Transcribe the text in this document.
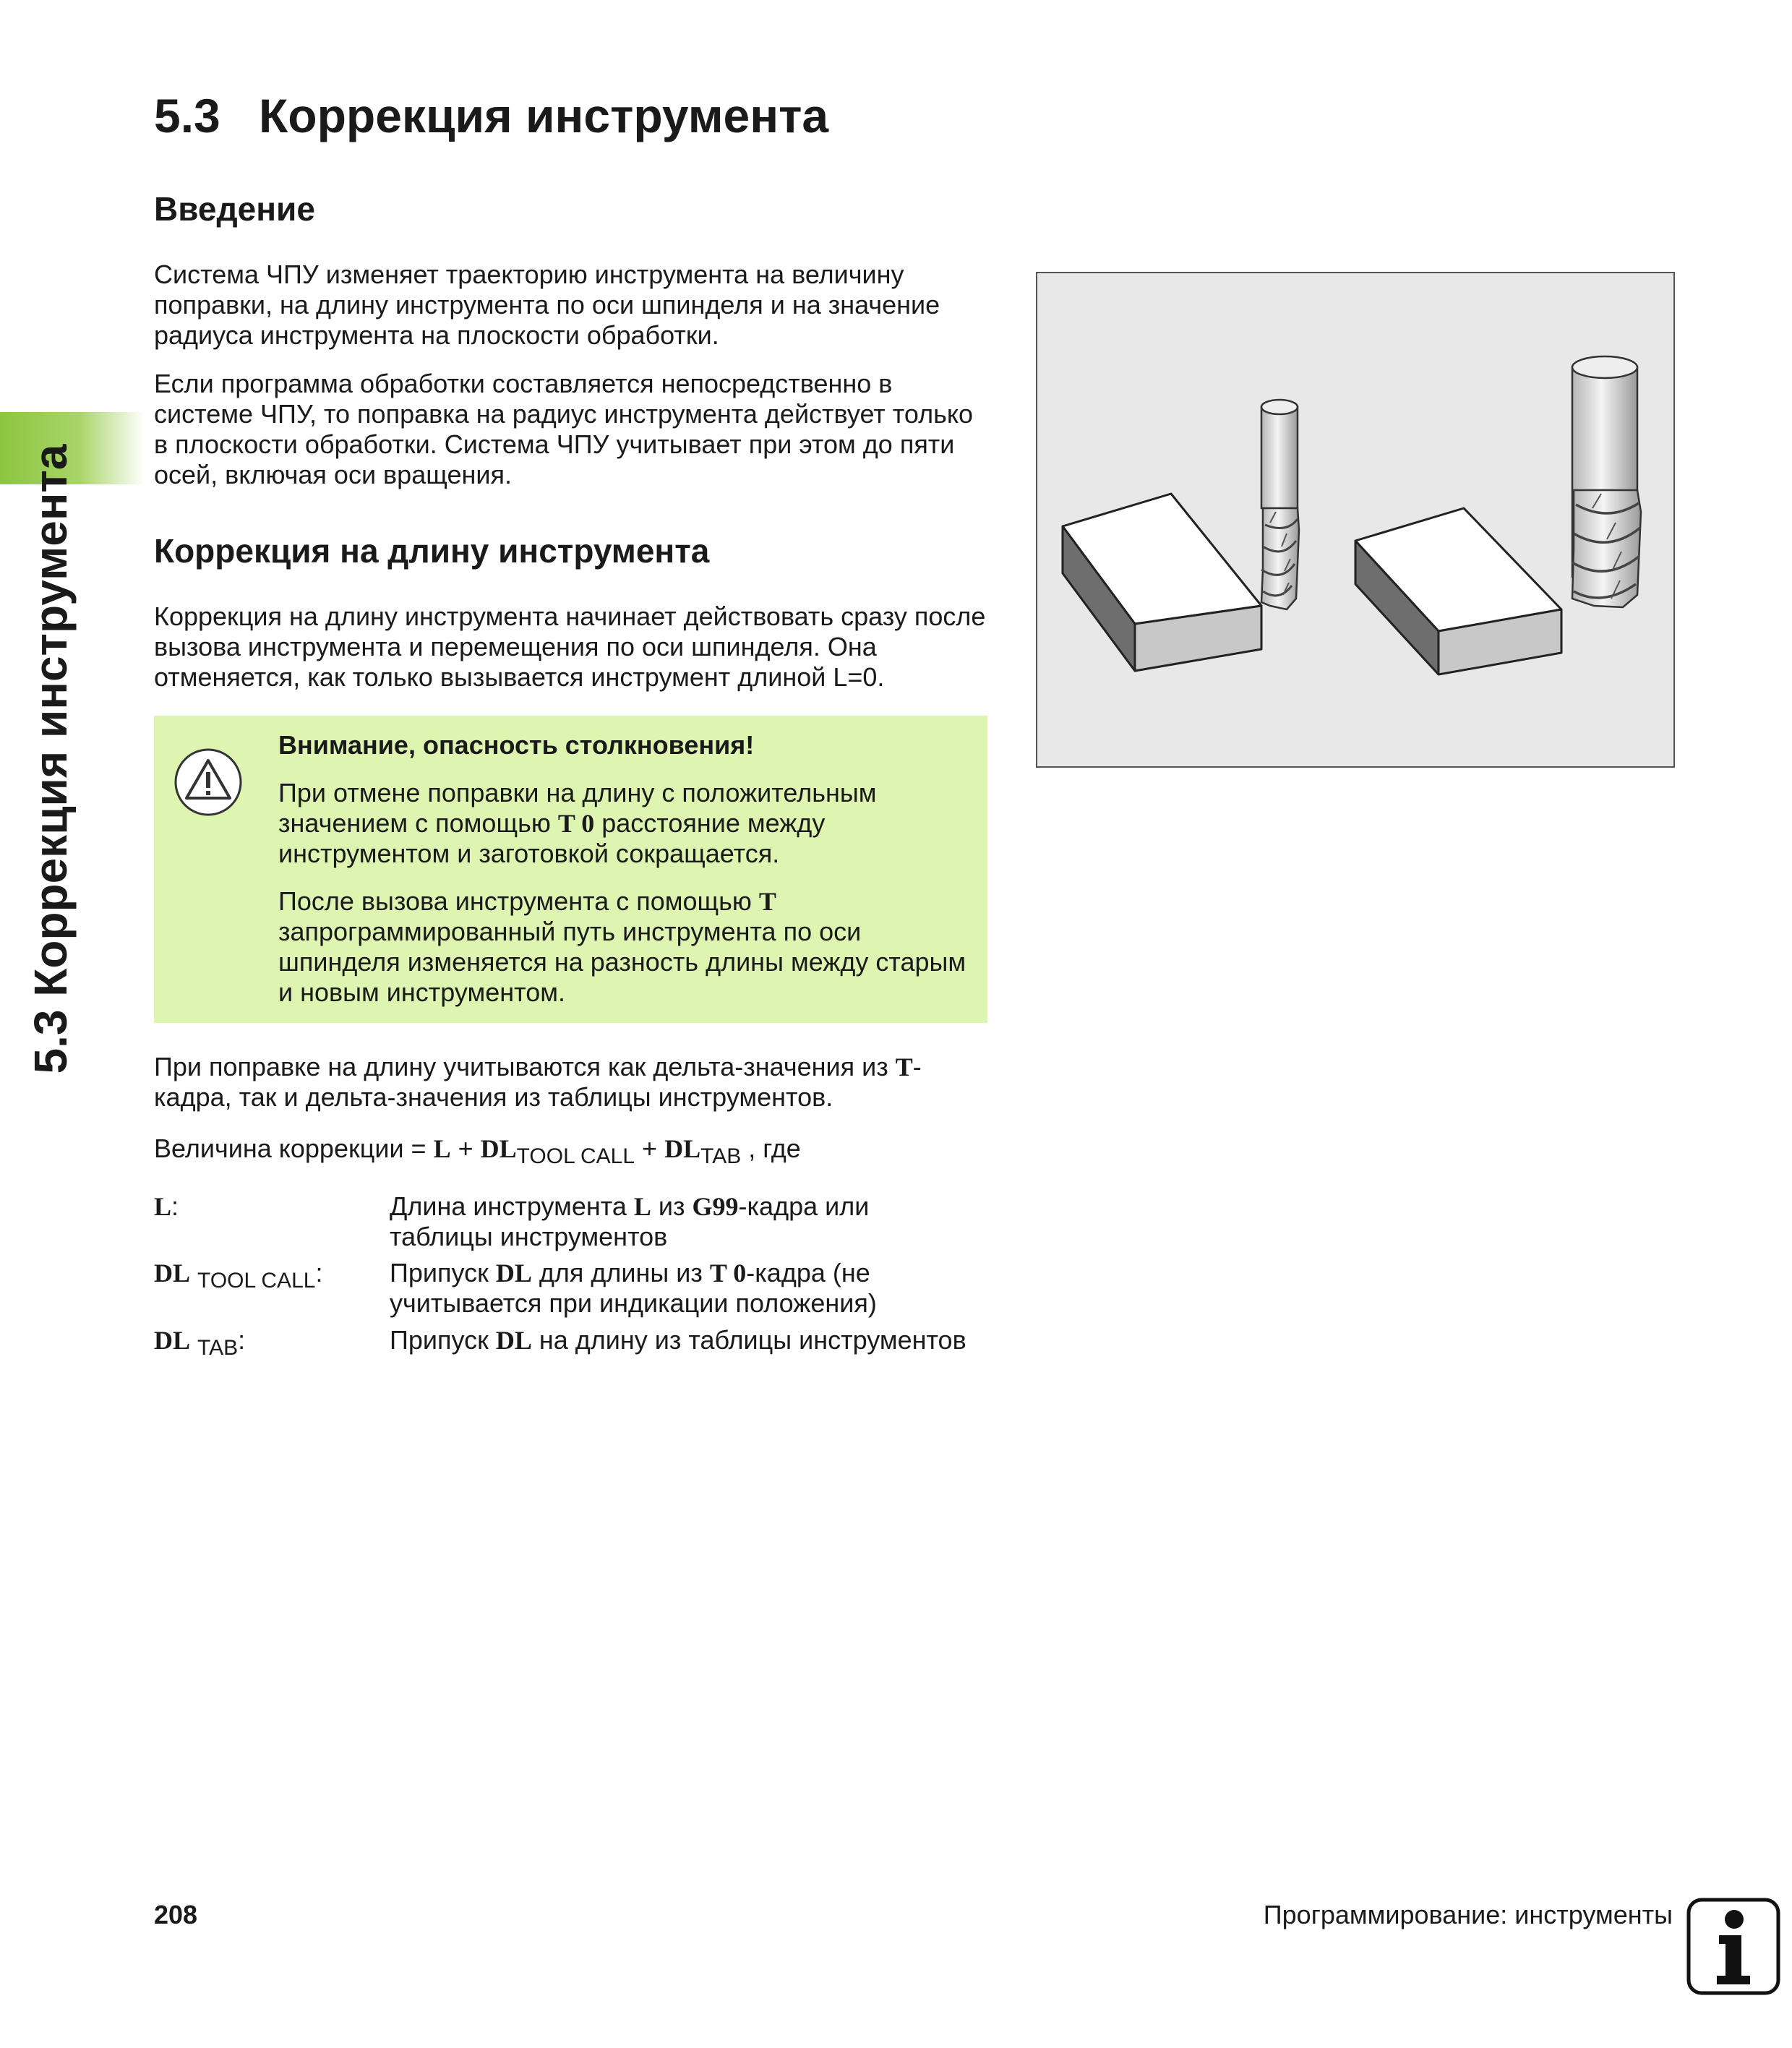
5.3 Коррекция инструмента
5.3 Коррекция инструмента
Введение

Система ЧПУ изменяет траекторию инструмента на величину поправки, на длину инструмента по оси шпинделя и на значение радиуса инструмента на плоскости обработки.

Если программа обработки составляется непосредственно в системе ЧПУ, то поправка на радиус инструмента действует только в плоскости обработки. Система ЧПУ учитывает при этом до пяти осей, включая оси вращения.

Коррекция на длину инструмента

Коррекция на длину инструмента начинает действовать сразу после вызова инструмента и перемещения по оси шпинделя. Она отменяется, как только вызывается инструмент длиной L=0.

Внимание, опасность столкновения!

При отмене поправки на длину с положительным значением с помощью T 0 расстояние между инструментом и заготовкой сокращается.

После вызова инструмента с помощью T запрограммированный путь инструмента по оси шпинделя изменяется на разность длины между старым и новым инструментом.

При поправке на длину учитываются как дельта-значения из T-кадра, так и дельта-значения из таблицы инструментов.

Величина коррекции = $L + DL_{TOOL CALL} + DL_{TAB}$ , где

L:	Длина инструмента L из G99-кадра или таблицы инструментов
DL $_{TOOL CALL}$:	Припуск DL для длины из T 0-кадра (не учитывается при индикации положения)
DL $_{TAB}$:	Припуск DL на длину из таблицы инструментов
208	Программирование: инструменты
